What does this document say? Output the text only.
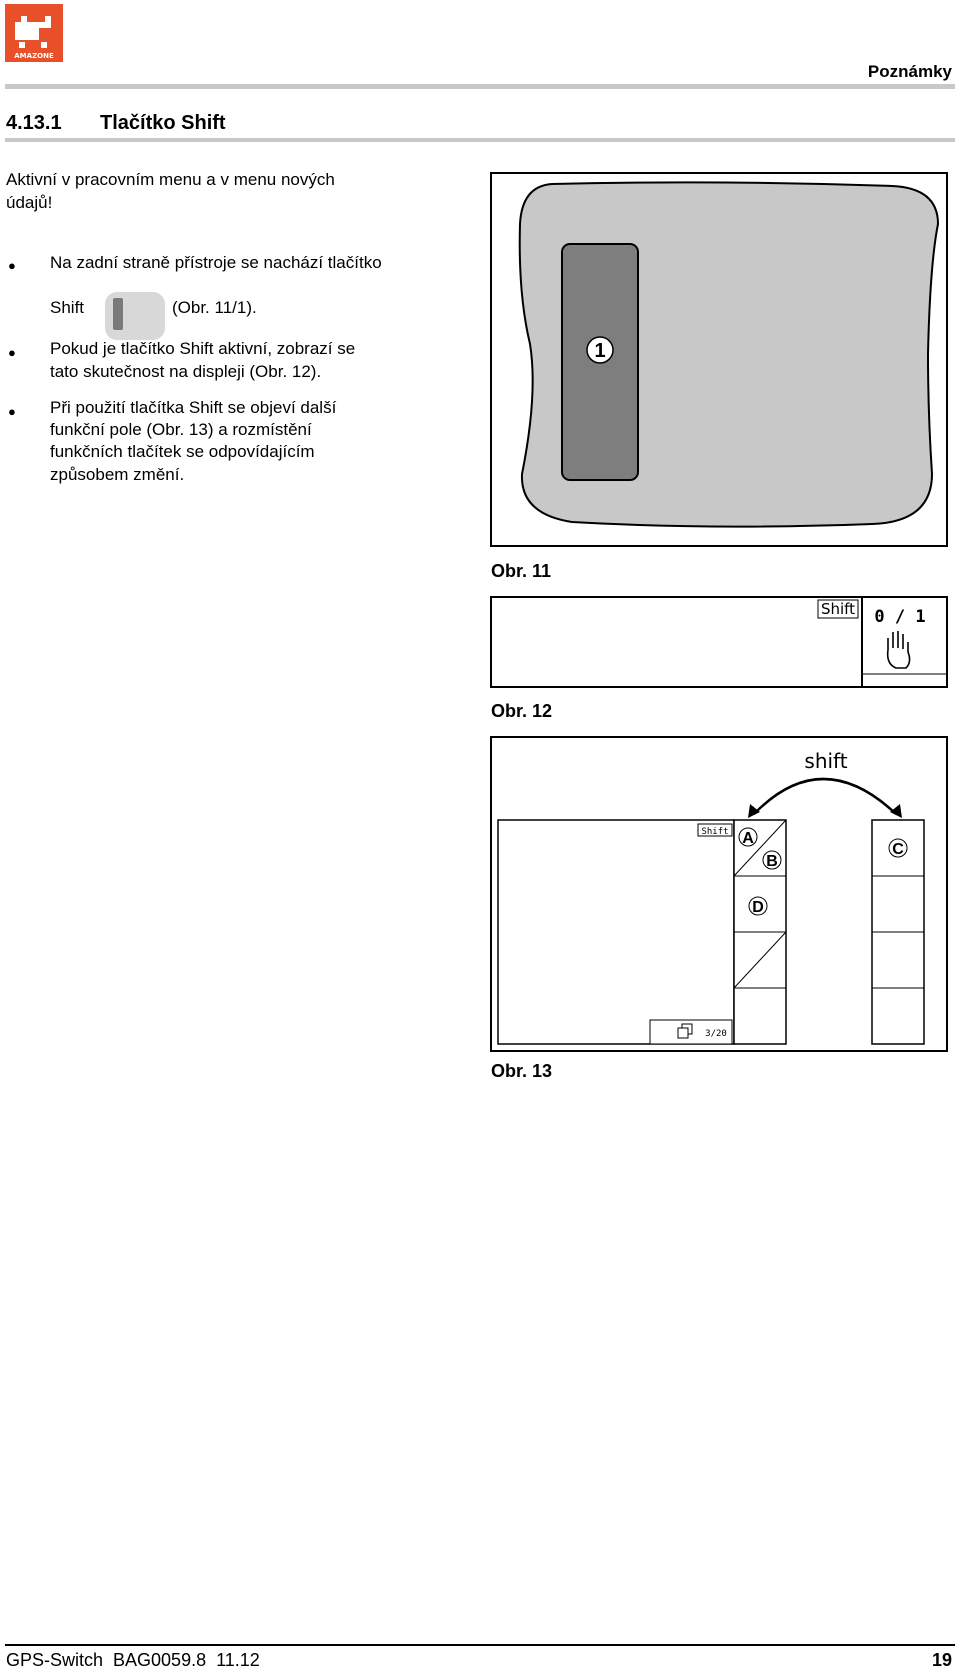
AMAZONE
Poznámky
4.13.1 Tlačítko Shift
Aktivní v pracovním menu a v menu nových
údajů!
● Na zadní straně přístroje se nachází tlačítko
Shift	(Obr. 11/1).
● Pokud je tlačítko Shift aktivní, zobrazí se
tato skutečnost na displeji (Obr. 12).
● Při použití tlačítka Shift se objeví další
funkční pole (Obr. 13) a rozmístění
funkčních tlačítek se odpovídajícím
způsobem změní.
1
Obr. 11
Shift 0 / 1
Obr. 12
Shift
3/20
A
B
D
C
shift
Obr. 13
GPS-Switch  BAG0059.8  11.12	19
